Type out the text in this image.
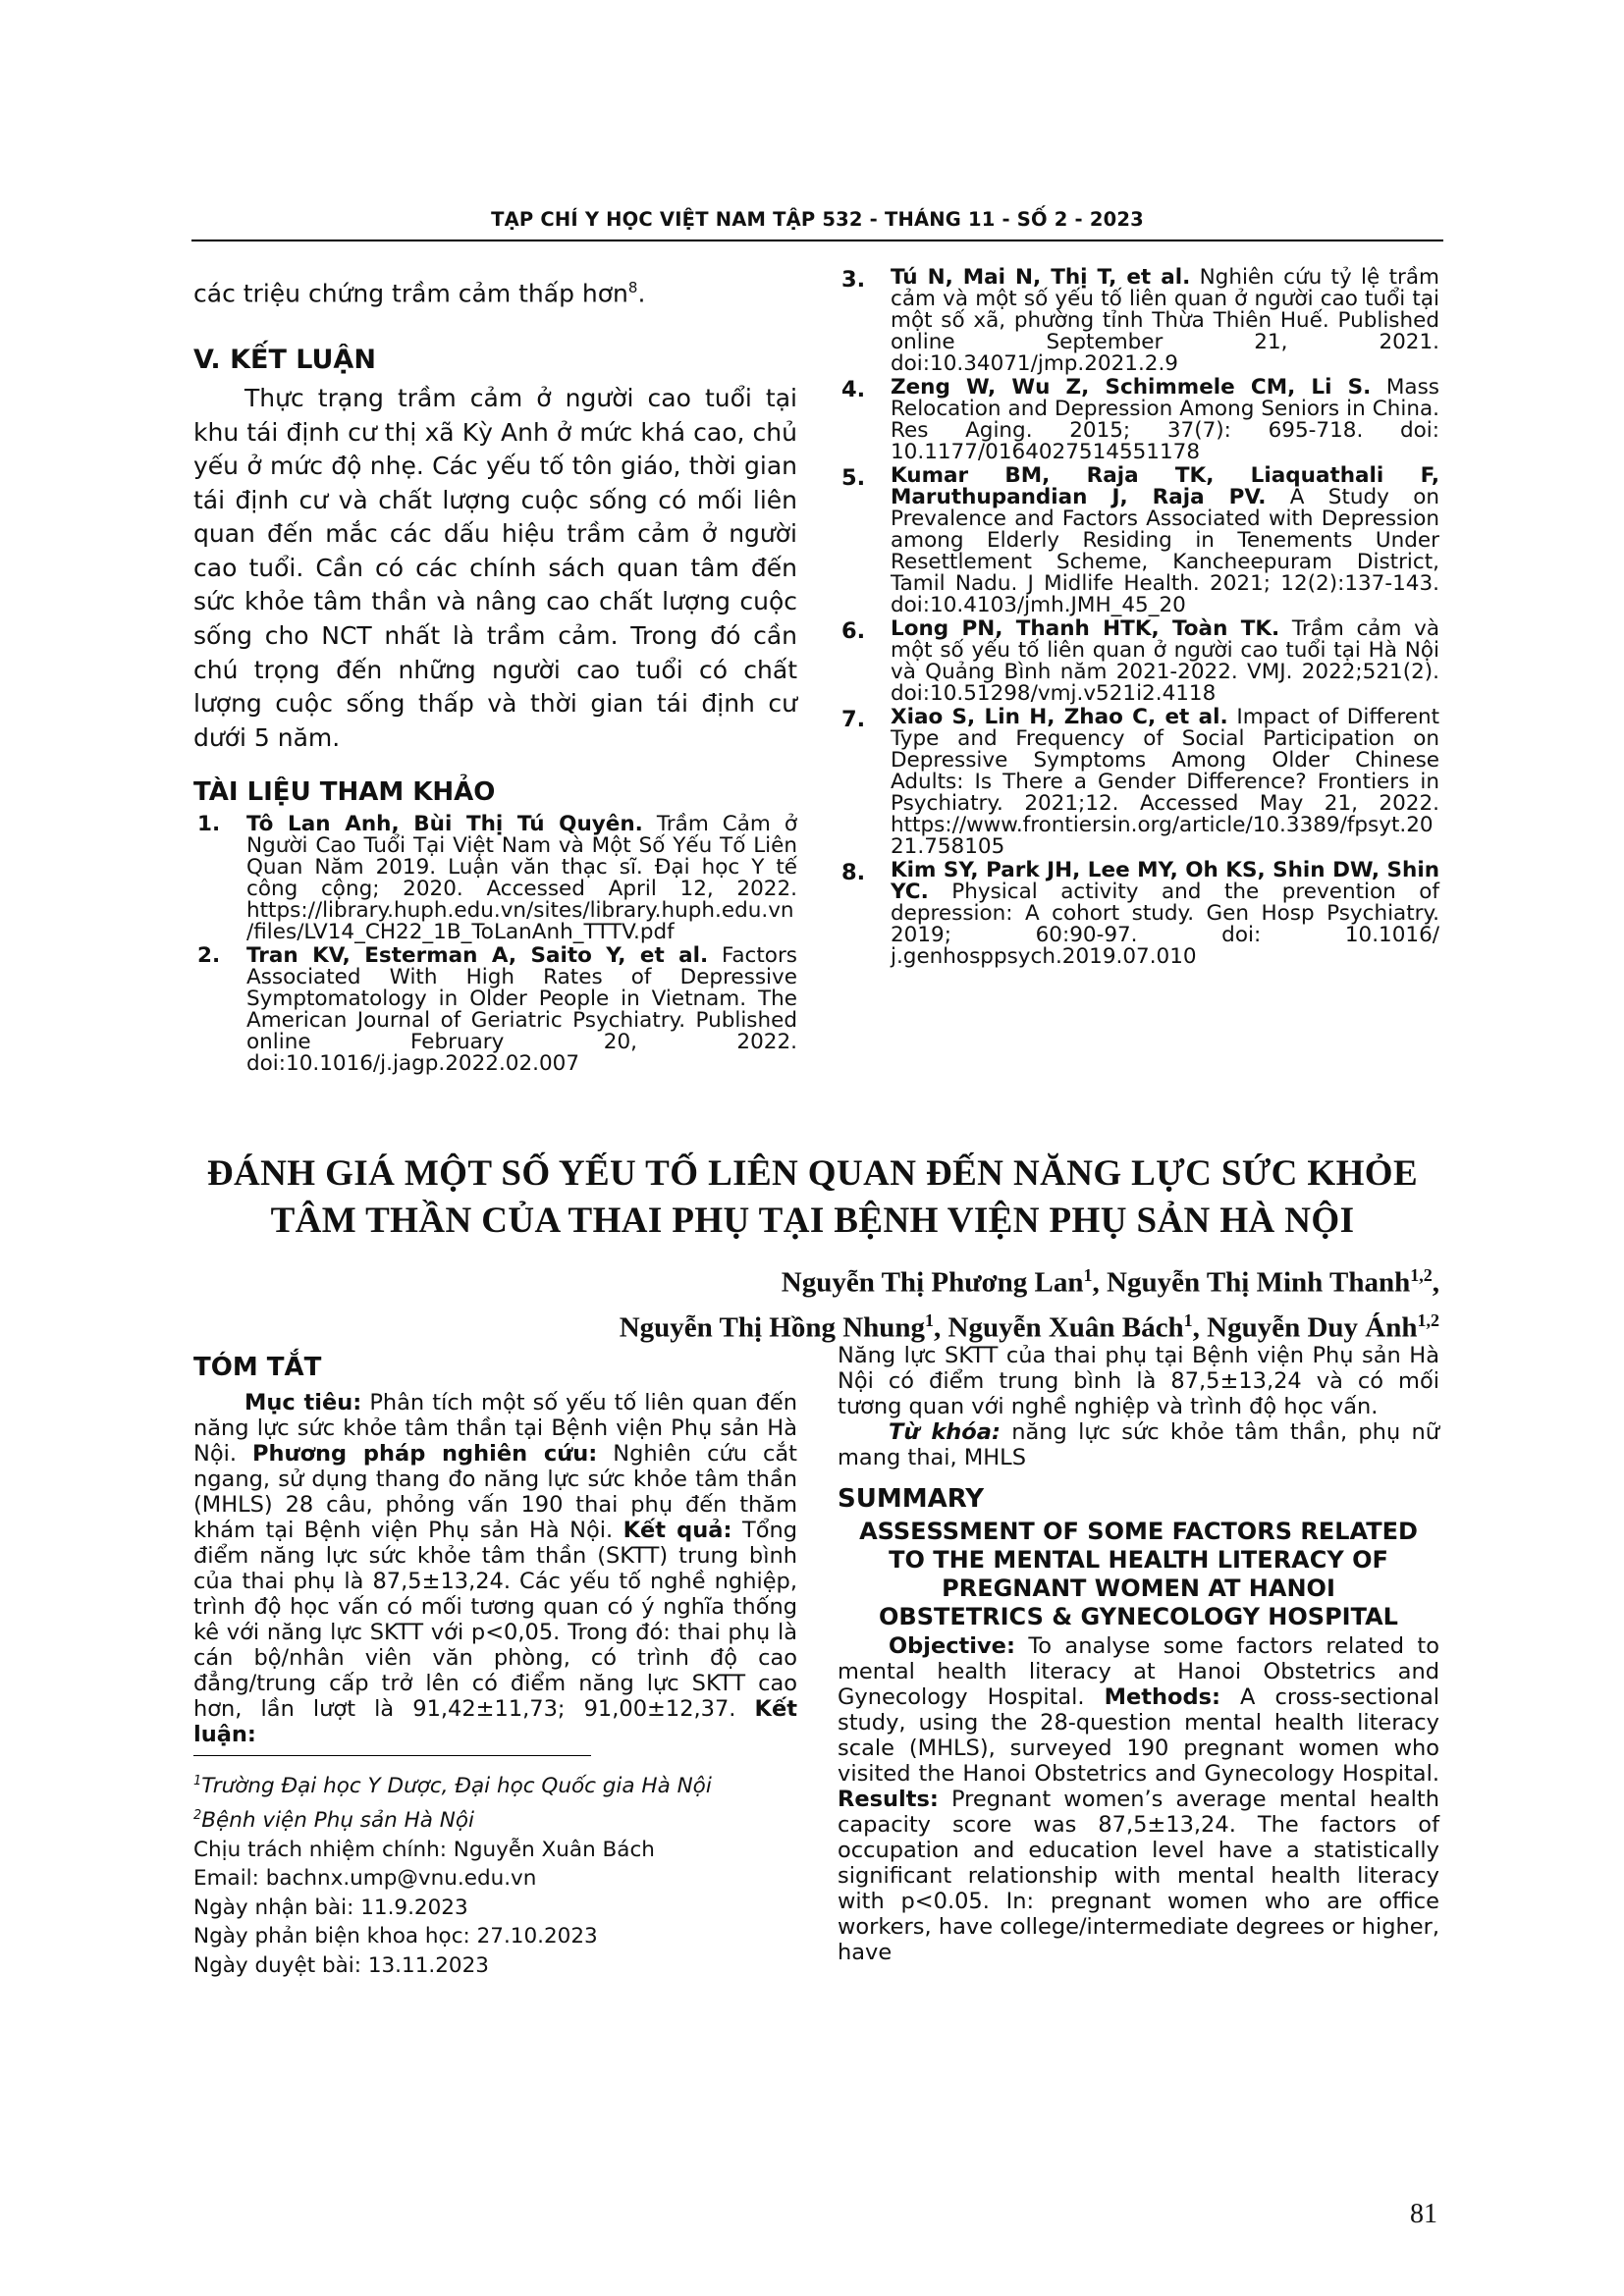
TẠP CHÍ Y HỌC VIỆT NAM TẬP 532 - THÁNG 11 - SỐ 2 - 2023

các triệu chứng trầm cảm thấp hơn$^8$.

V. KẾT LUẬN

Thực trạng trầm cảm ở người cao tuổi tại khu tái định cư thị xã Kỳ Anh ở mức khá cao, chủ yếu ở mức độ nhẹ. Các yếu tố tôn giáo, thời gian tái định cư và chất lượng cuộc sống có mối liên quan đến mắc các dấu hiệu trầm cảm ở người cao tuổi. Cần có các chính sách quan tâm đến sức khỏe tâm thần và nâng cao chất lượng cuộc sống cho NCT nhất là trầm cảm. Trong đó cần chú trọng đến những người cao tuổi có chất lượng cuộc sống thấp và thời gian tái định cư dưới 5 năm.

TÀI LIỆU THAM KHẢO
1.	Tô Lan Anh, Bùi Thị Tú Quyên. Trầm Cảm ở Người Cao Tuổi Tại Việt Nam và Một Số Yếu Tố Liên Quan Năm 2019. Luận văn thạc sĩ. Đại học Y tế công cộng; 2020. Accessed April 12, 2022. https://library.huph.edu.vn/sites/library.huph.edu.vn/files/LV14_CH22_1B_ToLanAnh_TTTV.pdf
2.	Tran KV, Esterman A, Saito Y, et al. Factors Associated With High Rates of Depressive Symptomatology in Older People in Vietnam. The American Journal of Geriatric Psychiatry. Published online February 20, 2022. doi:10.1016/j.jagp.2022.02.007
3.	Tú N, Mai N, Thị T, et al. Nghiên cứu tỷ lệ trầm cảm và một số yếu tố liên quan ở người cao tuổi tại một số xã, phường tỉnh Thừa Thiên Huế. Published online September 21, 2021. doi:10.34071/jmp.2021.2.9
4.	Zeng W, Wu Z, Schimmele CM, Li S. Mass Relocation and Depression Among Seniors in China. Res Aging. 2015; 37(7): 695-718. doi: 10.1177/0164027514551178
5.	Kumar BM, Raja TK, Liaquathali F, Maruthupandian J, Raja PV. A Study on Prevalence and Factors Associated with Depression among Elderly Residing in Tenements Under Resettlement Scheme, Kancheepuram District, Tamil Nadu. J Midlife Health. 2021; 12(2):137-143. doi:10.4103/jmh.JMH_45_20
6.	Long PN, Thanh HTK, Toàn TK. Trầm cảm và một số yếu tố liên quan ở người cao tuổi tại Hà Nội và Quảng Bình năm 2021-2022. VMJ. 2022;521(2). doi:10.51298/vmj.v521i2.4118
7.	Xiao S, Lin H, Zhao C, et al. Impact of Different Type and Frequency of Social Participation on Depressive Symptoms Among Older Chinese Adults: Is There a Gender Difference? Frontiers in Psychiatry. 2021;12. Accessed May 21, 2022. https://www.frontiersin.org/article/10.3389/fpsyt.2021.758105
8.	Kim SY, Park JH, Lee MY, Oh KS, Shin DW, Shin YC. Physical activity and the prevention of depression: A cohort study. Gen Hosp Psychiatry. 2019; 60:90-97. doi: 10.1016/ j.genhosppsych.2019.07.010
ĐÁNH GIÁ MỘT SỐ YẾU TỐ LIÊN QUAN ĐẾN NĂNG LỰC SỨC KHỎE
TÂM THẦN CỦA THAI PHỤ TẠI BỆNH VIỆN PHỤ SẢN HÀ NỘI
Nguyễn Thị Phương Lan$^1$, Nguyễn Thị Minh Thanh$^{1,2}$,
Nguyễn Thị Hồng Nhung$^1$, Nguyễn Xuân Bách$^1$, Nguyễn Duy Ánh$^{1,2}$
TÓM TẮT

Mục tiêu: Phân tích một số yếu tố liên quan đến năng lực sức khỏe tâm thần tại Bệnh viện Phụ sản Hà Nội. Phương pháp nghiên cứu: Nghiên cứu cắt ngang, sử dụng thang đo năng lực sức khỏe tâm thần (MHLS) 28 câu, phỏng vấn 190 thai phụ đến thăm khám tại Bệnh viện Phụ sản Hà Nội. Kết quả: Tổng điểm năng lực sức khỏe tâm thần (SKTT) trung bình của thai phụ là 87,5±13,24. Các yếu tố nghề nghiệp, trình độ học vấn có mối tương quan có ý nghĩa thống kê với năng lực SKTT với p<0,05. Trong đó: thai phụ là cán bộ/nhân viên văn phòng, có trình độ cao đẳng/trung cấp trở lên có điểm năng lực SKTT cao hơn, lần lượt là 91,42±11,73; 91,00±12,37. Kết luận:

$^1$Trường Đại học Y Dược, Đại học Quốc gia Hà Nội

$^2$Bệnh viện Phụ sản Hà Nội

Chịu trách nhiệm chính: Nguyễn Xuân Bách

Email: bachnx.ump@vnu.edu.vn

Ngày nhận bài: 11.9.2023

Ngày phản biện khoa học: 27.10.2023

Ngày duyệt bài: 13.11.2023

Năng lực SKTT của thai phụ tại Bệnh viện Phụ sản Hà Nội có điểm trung bình là 87,5±13,24 và có mối tương quan với nghề nghiệp và trình độ học vấn.

Từ khóa: năng lực sức khỏe tâm thần, phụ nữ mang thai, MHLS

SUMMARY
ASSESSMENT OF SOME FACTORS RELATED
TO THE MENTAL HEALTH LITERACY OF
PREGNANT WOMEN AT HANOI
OBSTETRICS & GYNECOLOGY HOSPITAL

Objective: To analyse some factors related to mental health literacy at Hanoi Obstetrics and Gynecology Hospital. Methods: A cross-sectional study, using the 28-question mental health literacy scale (MHLS), surveyed 190 pregnant women who visited the Hanoi Obstetrics and Gynecology Hospital. Results: Pregnant women’s average mental health capacity score was 87,5±13,24. The factors of occupation and education level have a statistically significant relationship with mental health literacy with p<0.05. In: pregnant women who are office workers, have college/intermediate degrees or higher, have

81
